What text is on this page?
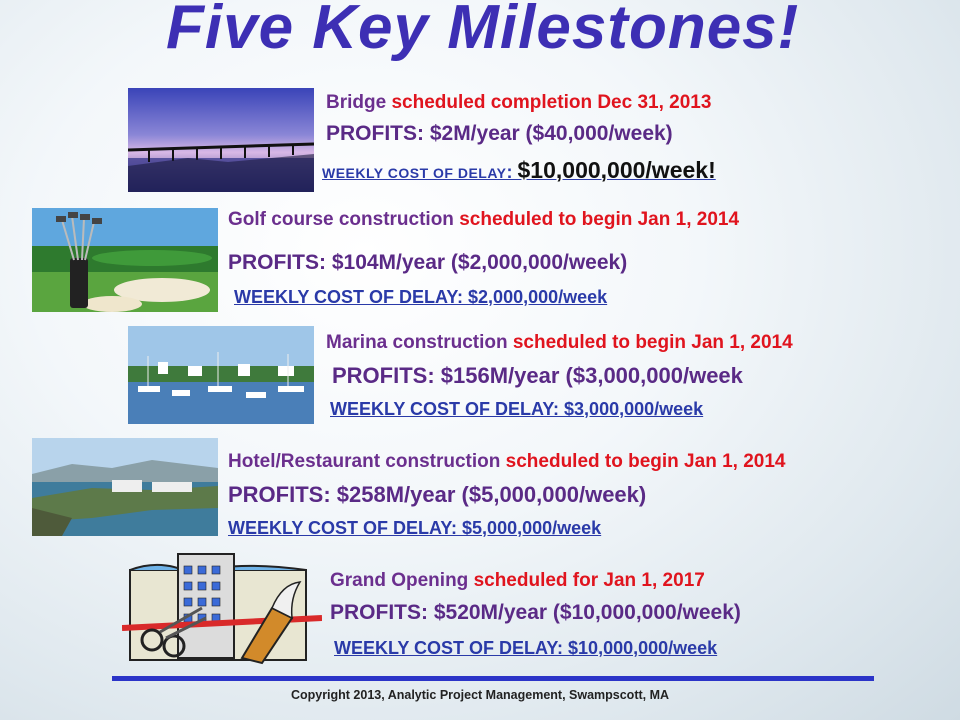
Five Key Milestones!
Bridge scheduled completion Dec 31, 2013
PROFITS: $2M/year ($40,000/week)
WEEKLY COST OF DELAY: $10,000,000/week!
Golf course construction scheduled to begin Jan 1, 2014
PROFITS: $104M/year ($2,000,000/week)
WEEKLY COST OF DELAY: $2,000,000/week
Marina construction scheduled to begin Jan 1, 2014
PROFITS: $156M/year ($3,000,000/week
WEEKLY COST OF DELAY: $3,000,000/week
Hotel/Restaurant construction scheduled to begin Jan 1, 2014
PROFITS: $258M/year ($5,000,000/week)
WEEKLY COST OF DELAY: $5,000,000/week
Grand Opening scheduled for Jan 1, 2017
PROFITS: $520M/year ($10,000,000/week)
WEEKLY COST OF DELAY: $10,000,000/week
Copyright 2013, Analytic Project Management, Swampscott, MA
